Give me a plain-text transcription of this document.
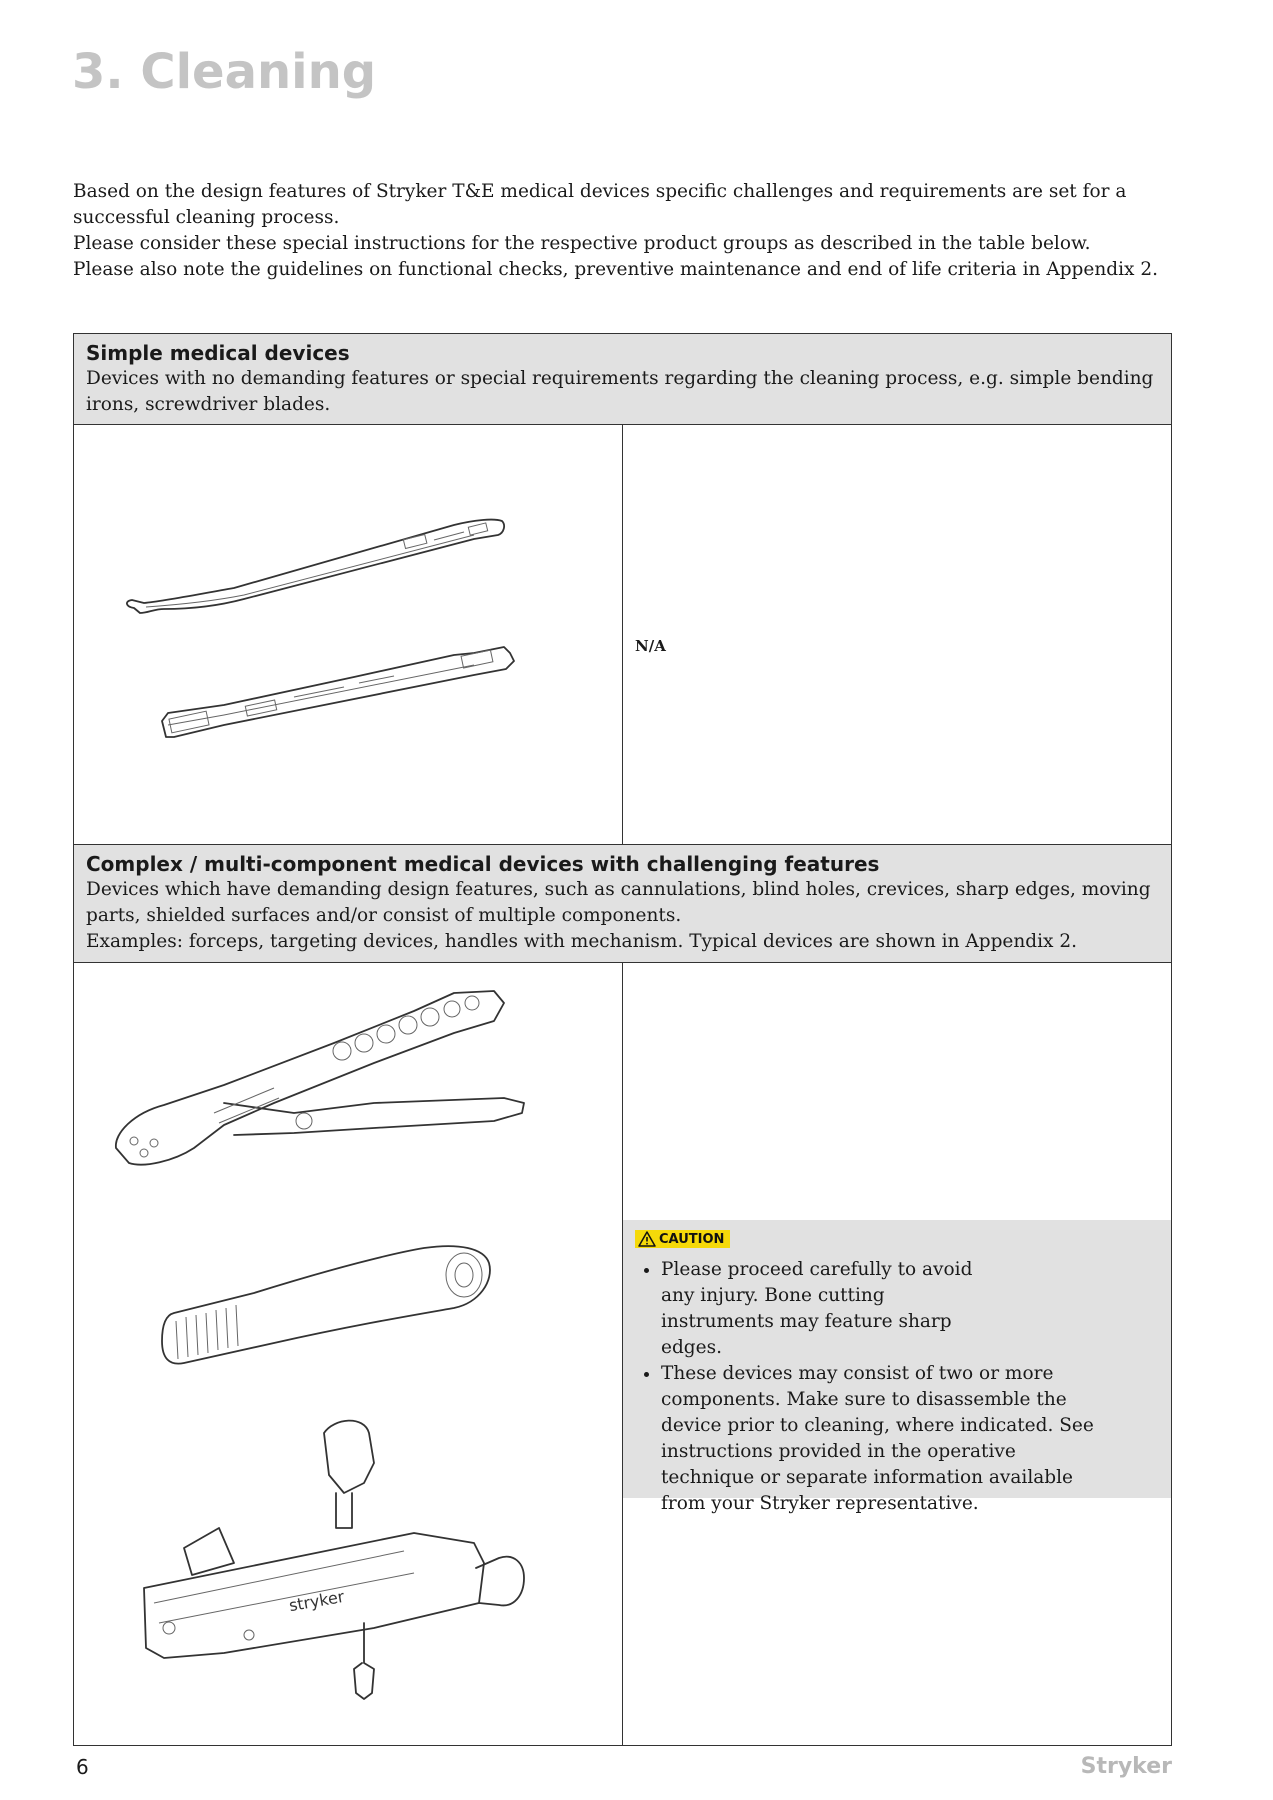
3. Cleaning

Based on the design features of Stryker T&E medical devices specific challenges and requirements are set for a successful cleaning process.

Please consider these special instructions for the respective product groups as described in the table below.

Please also note the guidelines on functional checks, preventive maintenance and end of life criteria in Appendix 2.

Simple medical devices
Devices with no demanding features or special requirements regarding the cleaning process, e.g. simple bending irons, screwdriver blades.
N/A
Complex / multi-component medical devices with challenging features
Devices which have demanding design features, such as cannulations, blind holes, crevices, sharp edges, moving parts, shielded surfaces and/or consist of multiple components.
Examples: forceps, targeting devices, handles with mechanism. Typical devices are shown in Appendix 2.
stryker
CAUTION
• Please proceed carefully to avoid any injury. Bone cutting instruments may feature sharp edges.
• These devices may consist of two or more components. Make sure to disassemble the device prior to cleaning, where indicated. See instructions provided in the operative technique or separate information available from your Stryker representative.
6	Stryker
